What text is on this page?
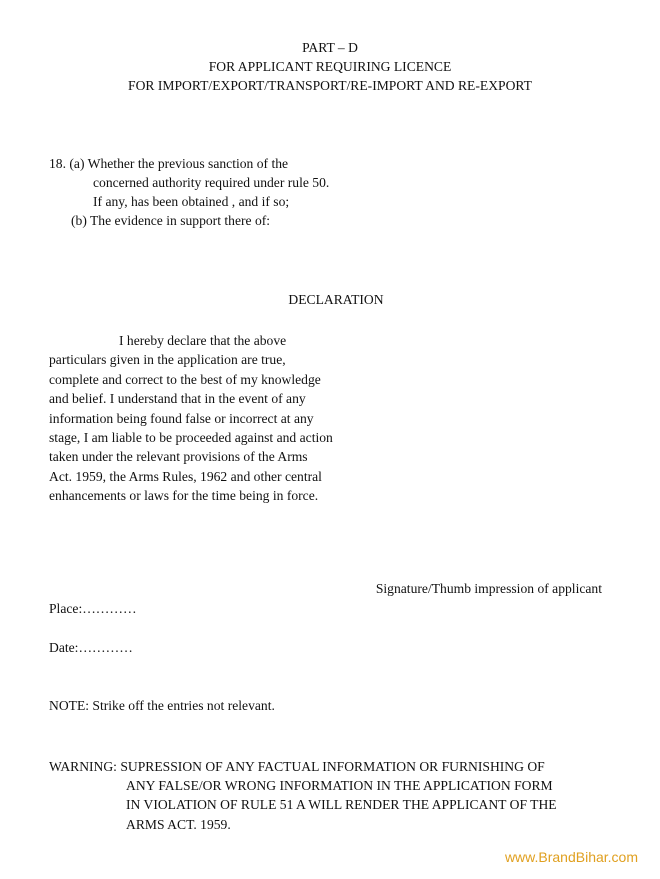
PART – D
FOR APPLICANT REQUIRING LICENCE
FOR IMPORT/EXPORT/TRANSPORT/RE-IMPORT AND RE-EXPORT
18. (a) Whether the previous sanction of the
concerned authority required under rule 50.
If any, has been obtained , and if so;
(b) The evidence in support there of:
DECLARATION
I hereby declare that the above
particulars given in the application are true,
complete and correct to the best of my knowledge
and belief. I understand that in the event of any
information being found false or incorrect at any
stage, I am liable to be proceeded against and action
taken under the relevant provisions of the Arms
Act. 1959, the Arms Rules, 1962 and other central
enhancements or laws for the time being in force.
Signature/Thumb impression of applicant
Place:…………
Date:…………
NOTE: Strike off the entries not relevant.
WARNING: SUPRESSION OF ANY FACTUAL INFORMATION OR FURNISHING OF
ANY FALSE/OR WRONG INFORMATION IN THE APPLICATION FORM
IN VIOLATION OF RULE 51 A WILL RENDER THE APPLICANT OF THE
ARMS ACT. 1959.
www.BrandBihar.com
